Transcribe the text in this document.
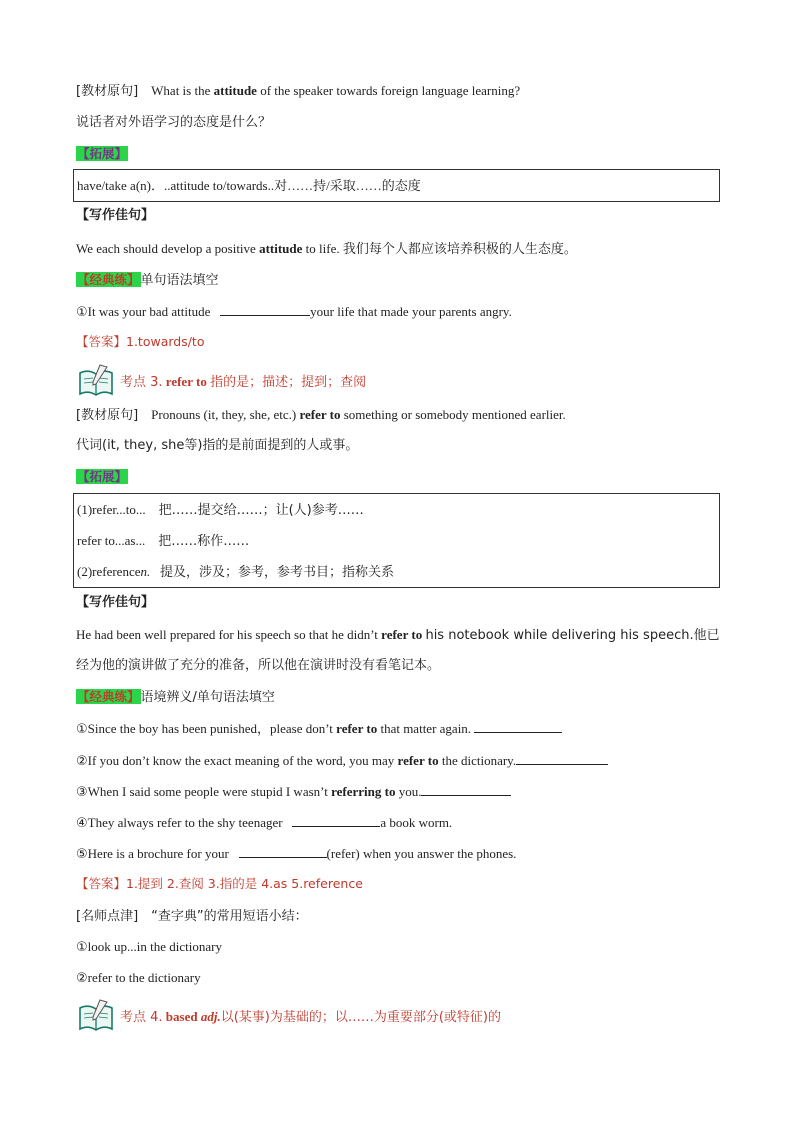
[教材原句] What is the attitude of the speaker towards foreign language learning?
说话者对外语学习的态度是什么？
【拓展】
have/take a(n)．..attitude to/towards..对……持/采取……的态度
【写作佳句】
We each should develop a positive attitude to life. 我们每个人都应该培养积极的人生态度。
【经典练】单句语法填空
①It was your bad attitude	your life that made your parents angry.
【答案】1.towards/to
考点 3. refer to 指的是；描述；提到；查阅
[教材原句] Pronouns (it, they, she, etc.) refer to something or somebody mentioned earlier.
代词(it, they, she等)指的是前面提到的人或事。
【拓展】
(1)refer...to... 把……提交给……；让(人)参考……
refer to...as... 把……称作……
(2)referencen. 提及，涉及；参考，参考书目；指称关系
【写作佳句】
He had been well prepared for his speech so that he didn’t refer to his notebook while delivering his speech.他已
经为他的演讲做了充分的准备，所以他在演讲时没有看笔记本。
【经典练】语境辨义/单句语法填空
①Since the boy has been punished，please don’t refer to that matter again.
②If you don’t know the exact meaning of the word, you may refer to the dictionary.
③When I said some people were stupid I wasn’t referring to you.
④They always refer to the shy teenager	a book worm.
⑤Here is a brochure for your	(refer) when you answer the phones.
【答案】1.提到 2.查阅 3.指的是 4.as 5.reference
[名师点津] “查字典”的常用短语小结：
①look up...in the dictionary
②refer to the dictionary
考点 4. based adj.以(某事)为基础的；以……为重要部分(或特征)的
